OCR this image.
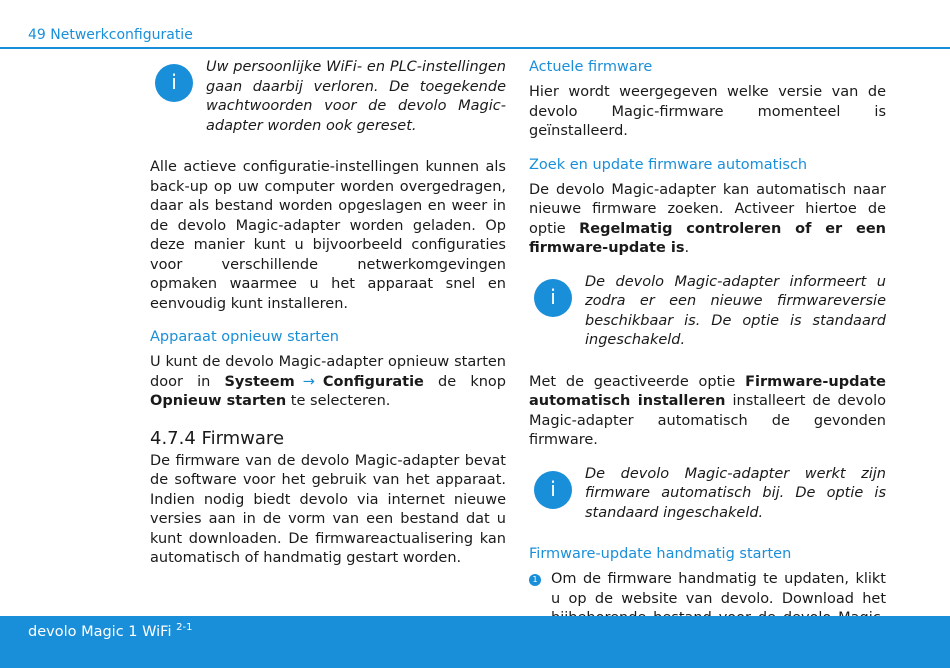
49 Netwerkconfiguratie
i
Uw persoonlijke WiFi- en PLC-instellingen gaan daarbij verloren. De toegekende wachtwoorden voor de devolo Magic-adapter worden ook gereset.

Alle actieve configuratie-instellingen kunnen als back-up op uw computer worden overgedragen, daar als bestand worden opgeslagen en weer in de devolo Magic-adapter worden geladen. Op deze manier kunt u bijvoorbeeld configuraties voor verschillende netwerkomgevingen opmaken waarmee u het apparaat snel en eenvoudig kunt installeren.

Apparaat opnieuw starten

U kunt de devolo Magic-adapter opnieuw starten door in Systeem → Configuratie de knop Opnieuw starten te selecteren.

4.7.4 Firmware

De firmware van de devolo Magic-adapter bevat de software voor het gebruik van het apparaat. Indien nodig biedt devolo via internet nieuwe versies aan in de vorm van een bestand dat u kunt downloaden. De firmwareactualisering kan automatisch of handmatig gestart worden.

Actuele firmware

Hier wordt weergegeven welke versie van de devolo Magic-firmware momenteel is geïnstalleerd.

Zoek en update firmware automatisch

De devolo Magic-adapter kan automatisch naar nieuwe firmware zoeken. Activeer hiertoe de optie Regelmatig controleren of er een firmware-update is.

i
De devolo Magic-adapter informeert u zodra er een nieuwe firmwareversie beschikbaar is. De optie is standaard ingeschakeld.

Met de geactiveerde optie Firmware-update automatisch installeren installeert de devolo Magic-adapter automatisch de gevonden firmware.

i
De devolo Magic-adapter werkt zijn firmware automatisch bij. De optie is standaard ingeschakeld.
Firmware-update handmatig starten
1 Om de firmware handmatig te updaten, klikt u op de website van devolo. Download het
devolo Magic 1 WiFi $^{2-1}$
